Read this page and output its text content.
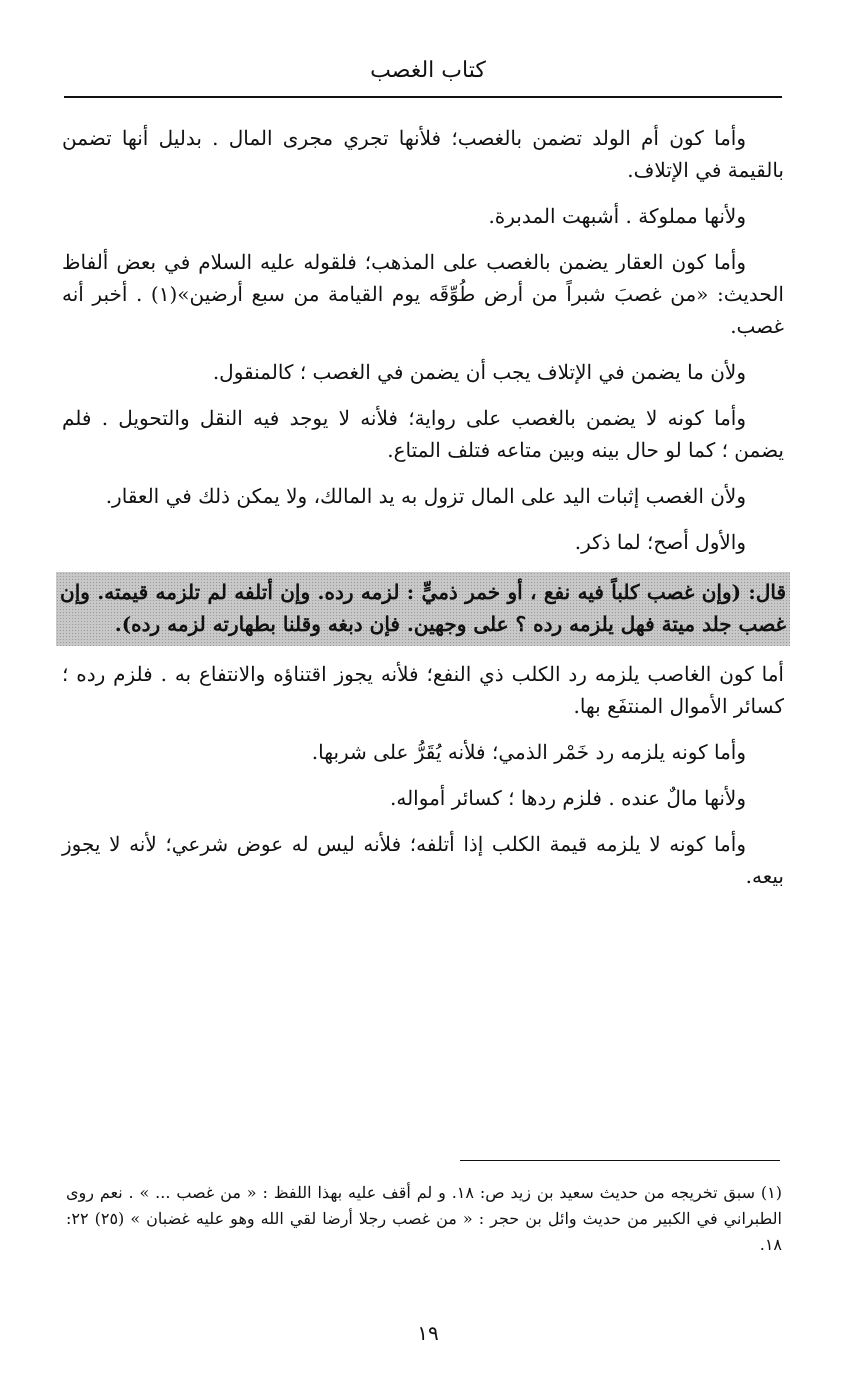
كتاب الغصب

وأما كون أم الولد تضمن بالغصب؛ فلأنها تجري مجرى المال . بدليل أنها تضمن بالقيمة في الإتلاف.

ولأنها مملوكة . أشبهت المدبرة.

وأما كون العقار يضمن بالغصب على المذهب؛ فلقوله عليه السلام في بعض ألفاظ الحديث: «من غصبَ شبراً من أرض طُوِّقَه يوم القيامة من سبع أرضين»(١) . أخبر أنه غصب.

ولأن ما يضمن في الإتلاف يجب أن يضمن في الغصب ؛ كالمنقول.

وأما كونه لا يضمن بالغصب على رواية؛ فلأنه لا يوجد فيه النقل والتحويل . فلم يضمن ؛ كما لو حال بينه وبين متاعه فتلف المتاع.

ولأن الغصب إثبات اليد على المال تزول به يد المالك، ولا يمكن ذلك في العقار.

والأول أصح؛ لما ذكر.

قال: (وإن غصب كلباً فيه نفع ، أو خمر ذميٍّ : لزمه رده. وإن أتلفه لم تلزمه قيمته. وإن غصب جلد ميتة فهل يلزمه رده ؟ على وجهين. فإن دبغه وقلنا بطهارته لزمه رده).

أما كون الغاصب يلزمه رد الكلب ذي النفع؛ فلأنه يجوز اقتناؤه والانتفاع به . فلزم رده ؛ كسائر الأموال المنتفَع بها.

وأما كونه يلزمه رد خَمْر الذمي؛ فلأنه يُقَرُّ على شربها.

ولأنها مالٌ عنده . فلزم ردها ؛ كسائر أمواله.

وأما كونه لا يلزمه قيمة الكلب إذا أتلفه؛ فلأنه ليس له عوض شرعي؛ لأنه لا يجوز بيعه.

(١) سبق تخريجه من حديث سعيد بن زيد ص: ١٨. و لم أقف عليه بهذا اللفظ : « من غصب ... » . نعم روى الطبراني في الكبير من حديث وائل بن حجر : « من غصب رجلا أرضا لقي الله وهو عليه غضبان » (٢٥) ٢٢: ١٨.
١٩
